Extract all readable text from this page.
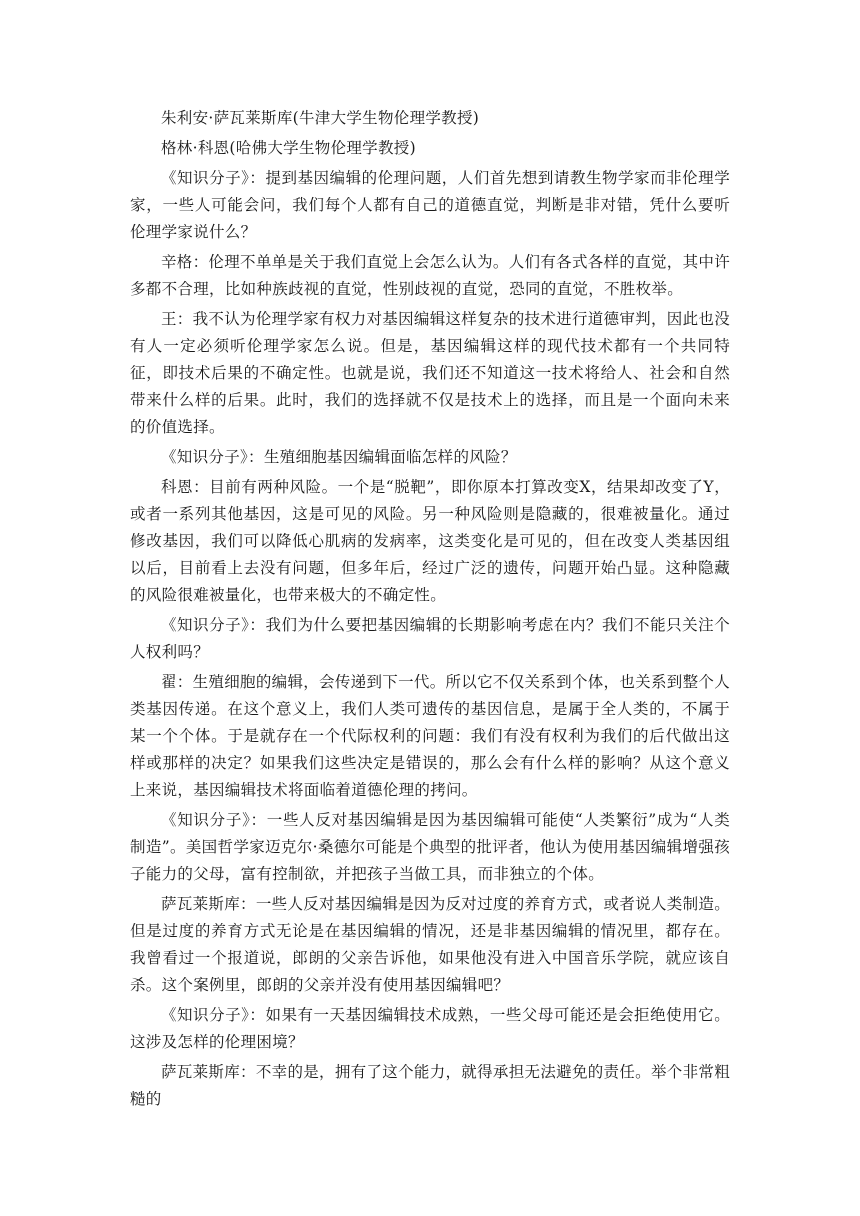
朱利安·萨瓦莱斯库(牛津大学生物伦理学教授)

格林·科恩(哈佛大学生物伦理学教授)

《知识分子》：提到基因编辑的伦理问题，人们首先想到请教生物学家而非伦理学家，一些人可能会问，我们每个人都有自己的道德直觉，判断是非对错，凭什么要听伦理学家说什么？

辛格：伦理不单单是关于我们直觉上会怎么认为。人们有各式各样的直觉，其中许多都不合理，比如种族歧视的直觉，性别歧视的直觉，恐同的直觉，不胜枚举。

王：我不认为伦理学家有权力对基因编辑这样复杂的技术进行道德审判，因此也没有人一定必须听伦理学家怎么说。但是，基因编辑这样的现代技术都有一个共同特征，即技术后果的不确定性。也就是说，我们还不知道这一技术将给人、社会和自然带来什么样的后果。此时，我们的选择就不仅是技术上的选择，而且是一个面向未来的价值选择。

《知识分子》：生殖细胞基因编辑面临怎样的风险？

科恩：目前有两种风险。一个是“脱靶”，即你原本打算改变X，结果却改变了Y，或者一系列其他基因，这是可见的风险。另一种风险则是隐藏的，很难被量化。通过修改基因，我们可以降低心肌病的发病率，这类变化是可见的，但在改变人类基因组以后，目前看上去没有问题，但多年后，经过广泛的遗传，问题开始凸显。这种隐藏的风险很难被量化，也带来极大的不确定性。

《知识分子》：我们为什么要把基因编辑的长期影响考虑在内？我们不能只关注个人权利吗？

翟：生殖细胞的编辑，会传递到下一代。所以它不仅关系到个体，也关系到整个人类基因传递。在这个意义上，我们人类可遗传的基因信息，是属于全人类的，不属于某一个个体。于是就存在一个代际权利的问题：我们有没有权利为我们的后代做出这样或那样的决定？如果我们这些决定是错误的，那么会有什么样的影响？从这个意义上来说，基因编辑技术将面临着道德伦理的拷问。

《知识分子》：一些人反对基因编辑是因为基因编辑可能使“人类繁衍”成为“人类制造”。美国哲学家迈克尔·桑德尔可能是个典型的批评者，他认为使用基因编辑增强孩子能力的父母，富有控制欲，并把孩子当做工具，而非独立的个体。

萨瓦莱斯库：一些人反对基因编辑是因为反对过度的养育方式，或者说人类制造。但是过度的养育方式无论是在基因编辑的情况，还是非基因编辑的情况里，都存在。我曾看过一个报道说，郎朗的父亲告诉他，如果他没有进入中国音乐学院，就应该自杀。这个案例里，郎朗的父亲并没有使用基因编辑吧？

《知识分子》：如果有一天基因编辑技术成熟，一些父母可能还是会拒绝使用它。这涉及怎样的伦理困境？

萨瓦莱斯库：不幸的是，拥有了这个能力，就得承担无法避免的责任。举个非常粗糙的
